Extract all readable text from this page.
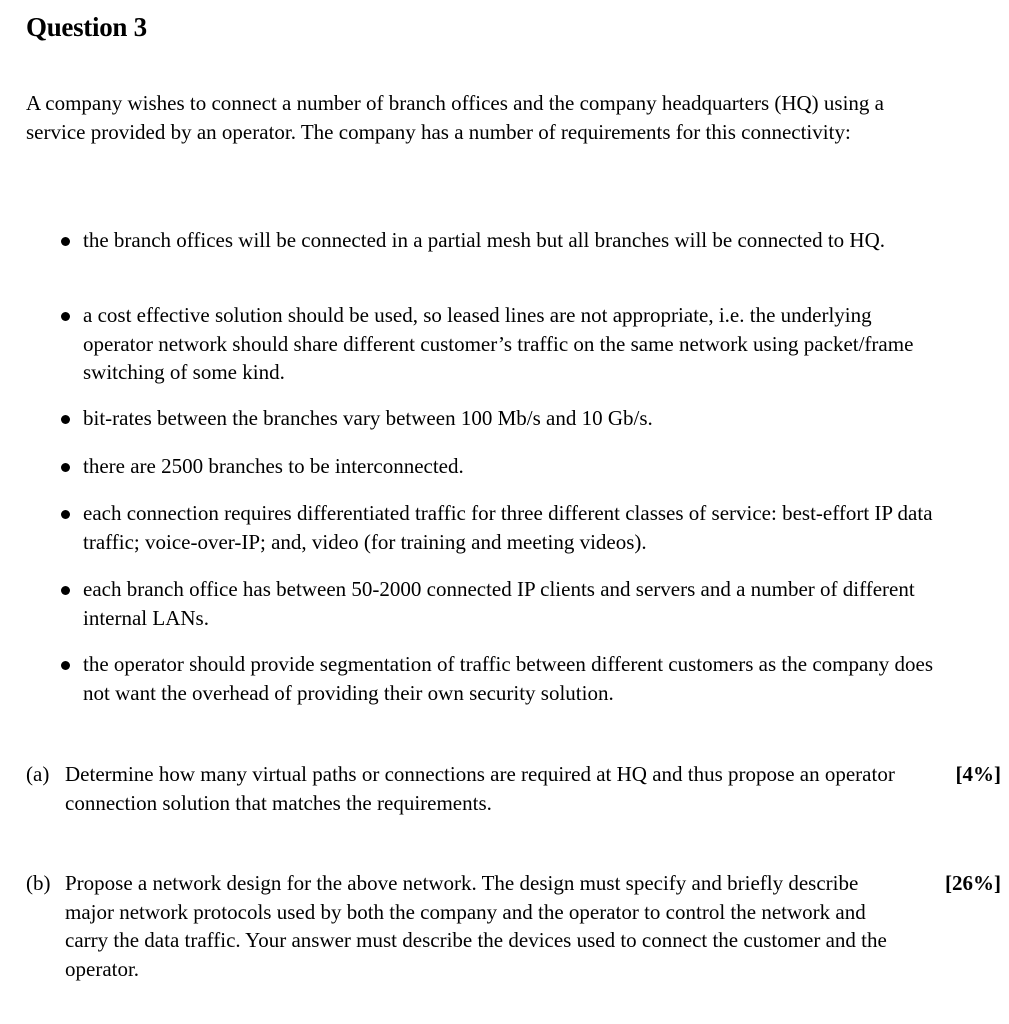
Question 3
A company wishes to connect a number of branch offices and the company headquarters (HQ) using a service provided by an operator. The company has a number of requirements for this connectivity:
the branch offices will be connected in a partial mesh but all branches will be connected to HQ.
a cost effective solution should be used, so leased lines are not appropriate, i.e. the underlying operator network should share different customer’s traffic on the same network using packet/frame switching of some kind.
bit-rates between the branches vary between 100 Mb/s and 10 Gb/s.
there are 2500 branches to be interconnected.
each connection requires differentiated traffic for three different classes of service: best-effort IP data traffic; voice-over-IP; and, video (for training and meeting videos).
each branch office has between 50-2000 connected IP clients and servers and a number of different internal LANs.
the operator should provide segmentation of traffic between different customers as the company does not want the overhead of providing their own security solution.
(a) Determine how many virtual paths or connections are required at HQ and thus propose an operator connection solution that matches the requirements.
[4%]
(b) Propose a network design for the above network. The design must specify and briefly describe major network protocols used by both the company and the operator to control the network and carry the data traffic. Your answer must describe the devices used to connect the customer and the operator.
[26%]
